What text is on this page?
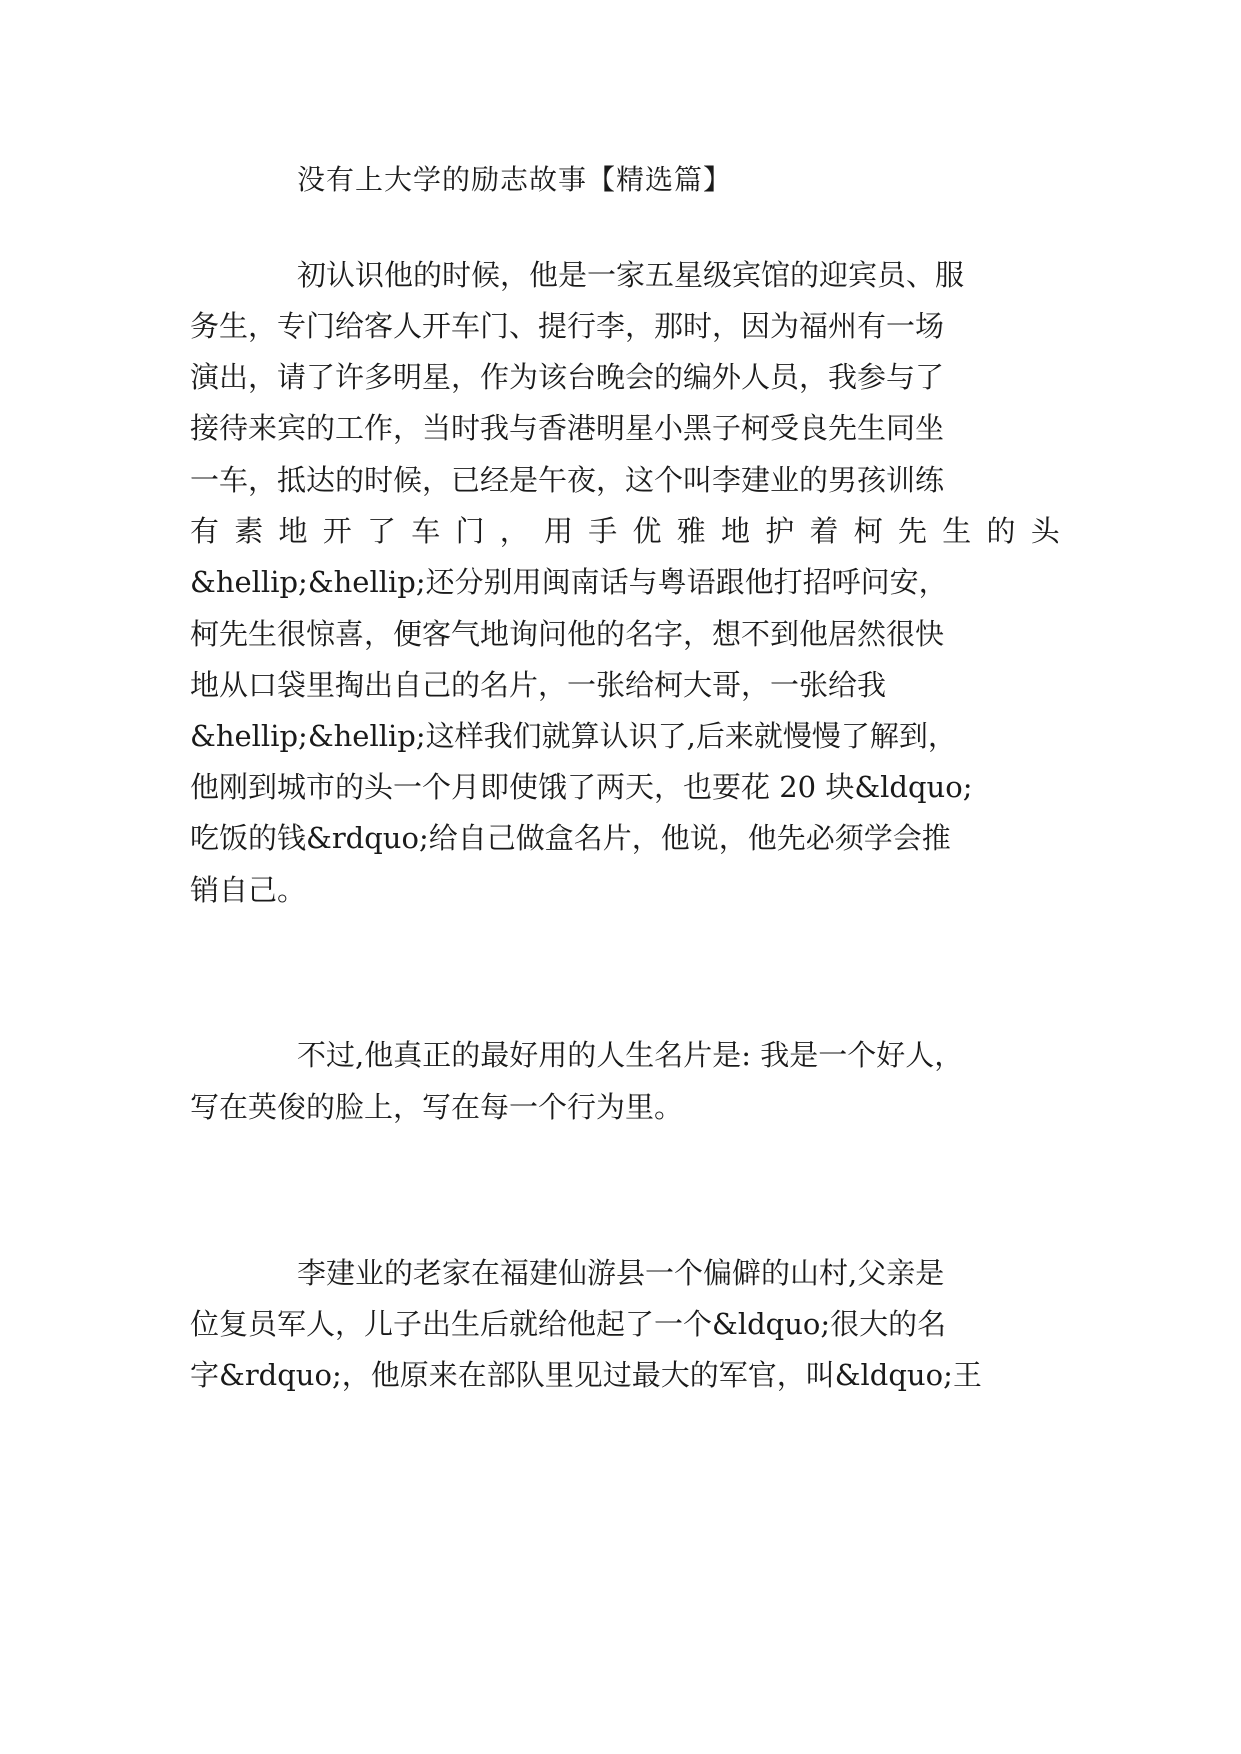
没有上大学的励志故事【精选篇】
初认识他的时候，他是一家五星级宾馆的迎宾员、服
务生，专门给客人开车门、提行李，那时，因为福州有一场
演出，请了许多明星，作为该台晚会的编外人员，我参与了
接待来宾的工作，当时我与香港明星小黑子柯受良先生同坐
一车，抵达的时候，已经是午夜，这个叫李建业的男孩训练
有 素 地 开 了 车 门 ， 用 手 优 雅 地 护 着 柯 先 生 的 头
&hellip;&hellip;还分别用闽南话与粤语跟他打招呼问安，
柯先生很惊喜，便客气地询问他的名字，想不到他居然很快
地从口袋里掏出自己的名片，一张给柯大哥，一张给我
&hellip;&hellip;这样我们就算认识了,后来就慢慢了解到，
他刚到城市的头一个月即使饿了两天，也要花 20 块&ldquo;
吃饭的钱&rdquo;给自己做盒名片，他说，他先必须学会推
销自己。
不过,他真正的最好用的人生名片是: 我是一个好人，
写在英俊的脸上，写在每一个行为里。
李建业的老家在福建仙游县一个偏僻的山村,父亲是
位复员军人，儿子出生后就给他起了一个&ldquo;很大的名
字&rdquo;，他原来在部队里见过最大的军官，叫&ldquo;王
